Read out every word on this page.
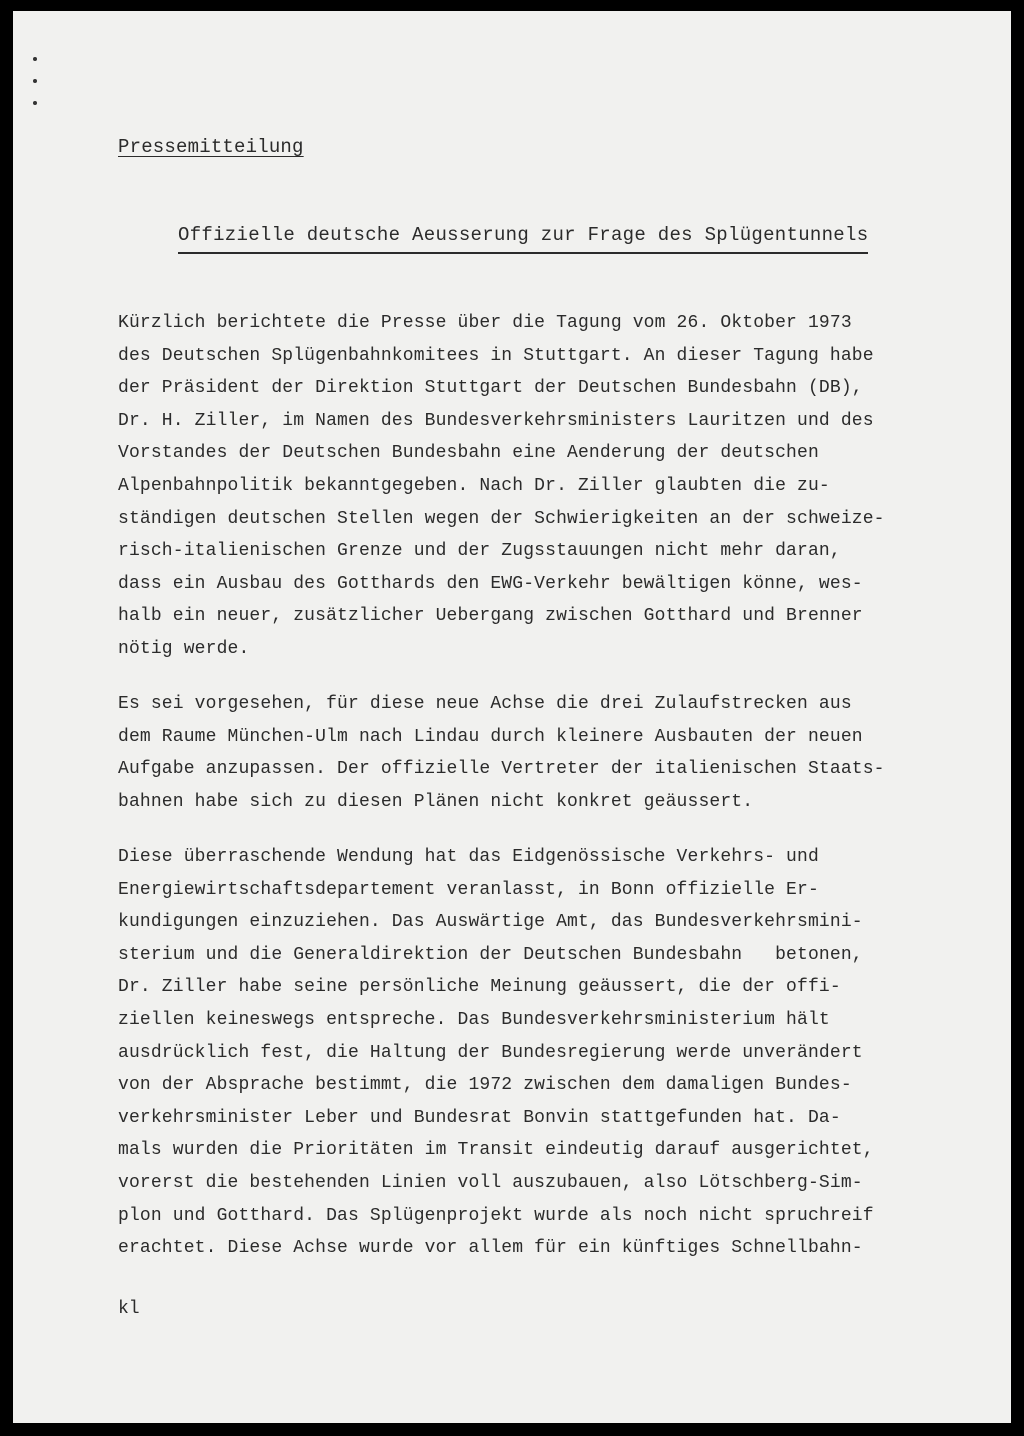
Pressemitteilung
Offizielle deutsche Aeusserung zur Frage des Splügentunnels

Kürzlich berichtete die Presse über die Tagung vom 26. Oktober 1973
des Deutschen Splügenbahnkomitees in Stuttgart. An dieser Tagung habe
der Präsident der Direktion Stuttgart der Deutschen Bundesbahn (DB),
Dr. H. Ziller, im Namen des Bundesverkehrsministers Lauritzen und des
Vorstandes der Deutschen Bundesbahn eine Aenderung der deutschen
Alpenbahnpolitik bekanntgegeben. Nach Dr. Ziller glaubten die zu-
ständigen deutschen Stellen wegen der Schwierigkeiten an der schweize-
risch-italienischen Grenze und der Zugsstauungen nicht mehr daran,
dass ein Ausbau des Gotthards den EWG-Verkehr bewältigen könne, wes-
halb ein neuer, zusätzlicher Uebergang zwischen Gotthard und Brenner
nötig werde.

Es sei vorgesehen, für diese neue Achse die drei Zulaufstrecken aus
dem Raume München-Ulm nach Lindau durch kleinere Ausbauten der neuen
Aufgabe anzupassen. Der offizielle Vertreter der italienischen Staats-
bahnen habe sich zu diesen Plänen nicht konkret geäussert.

Diese überraschende Wendung hat das Eidgenössische Verkehrs- und
Energiewirtschaftsdepartement veranlasst, in Bonn offizielle Er-
kundigungen einzuziehen. Das Auswärtige Amt, das Bundesverkehrsmini-
sterium und die Generaldirektion der Deutschen Bundesbahn   betonen,
Dr. Ziller habe seine persönliche Meinung geäussert, die der offi-
ziellen keineswegs entspreche. Das Bundesverkehrsministerium hält
ausdrücklich fest, die Haltung der Bundesregierung werde unverändert
von der Absprache bestimmt, die 1972 zwischen dem damaligen Bundes-
verkehrsminister Leber und Bundesrat Bonvin stattgefunden hat. Da-
mals wurden die Prioritäten im Transit eindeutig darauf ausgerichtet,
vorerst die bestehenden Linien voll auszubauen, also Lötschberg-Sim-
plon und Gotthard. Das Splügenprojekt wurde als noch nicht spruchreif
erachtet. Diese Achse wurde vor allem für ein künftiges Schnellbahn-

kl
